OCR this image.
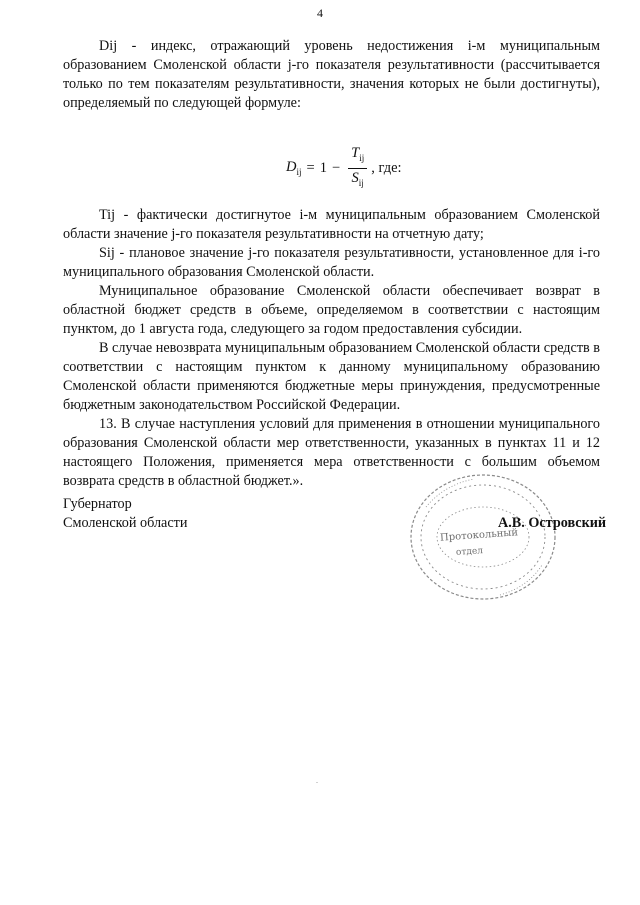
4

Dij - индекс, отражающий уровень недостижения i-м муниципальным образованием Смоленской области j-го показателя результативности (рассчитывается только по тем показателям результативности, значения которых не были достигнуты), определяемый по следующей формуле:

$D_{ij} = 1 - \frac{T_{ij}}{S_{ij}}$ , где:

Tij - фактически достигнутое i-м муниципальным образованием Смоленской области значение j-го показателя результативности на отчетную дату;

Sij - плановое значение j-го показателя результативности, установленное для i-го муниципального образования Смоленской области.

Муниципальное образование Смоленской области обеспечивает возврат в областной бюджет средств в объеме, определяемом в соответствии с настоящим пунктом, до 1 августа года, следующего за годом предоставления субсидии.

В случае невозврата муниципальным образованием Смоленской области средств в соответствии с настоящим пунктом к данному муниципальному образованию Смоленской области применяются бюджетные меры принуждения, предусмотренные бюджетным законодательством Российской Федерации.

13. В случае наступления условий для применения в отношении муниципального образования Смоленской области мер ответственности, указанных в пунктах 11 и 12 настоящего Положения, применяется мера ответственности с большим объемом возврата средств в областной бюджет.».

Губернатор
Смоленской области
Протокольный
отдел
А.В. Островский
.
